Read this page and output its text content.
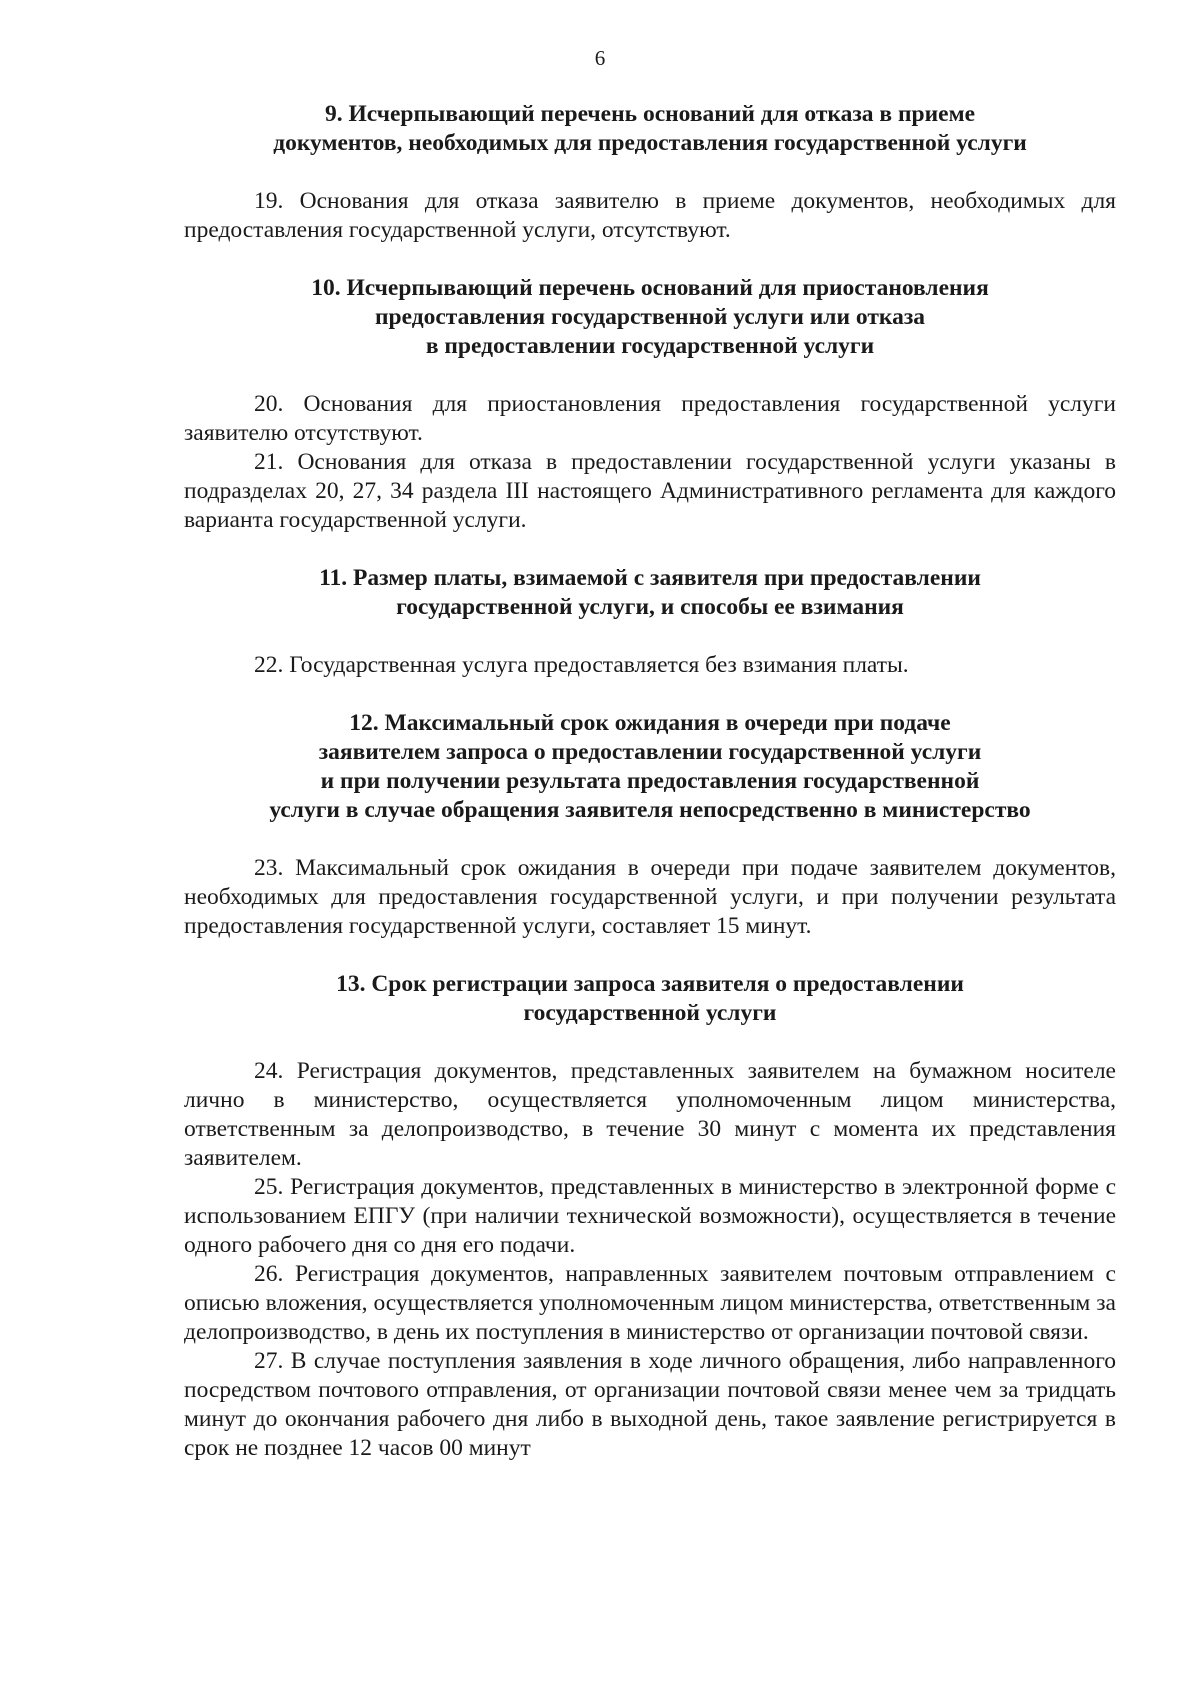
6
9. Исчерпывающий перечень оснований для отказа в приеме
документов, необходимых для предоставления государственной услуги

19. Основания для отказа заявителю в приеме документов, необходимых для предоставления государственной услуги, отсутствуют.

10. Исчерпывающий перечень оснований для приостановления
предоставления государственной услуги или отказа
в предоставлении государственной услуги

20. Основания для приостановления предоставления государственной услуги заявителю отсутствуют.

21. Основания для отказа в предоставлении государственной услуги указаны в подразделах 20, 27, 34 раздела III настоящего Административного регламента для каждого варианта государственной услуги.

11. Размер платы, взимаемой с заявителя при предоставлении
государственной услуги, и способы ее взимания

22. Государственная услуга предоставляется без взимания платы.

12. Максимальный срок ожидания в очереди при подаче
заявителем запроса о предоставлении государственной услуги
и при получении результата предоставления государственной
услуги в случае обращения заявителя непосредственно в министерство

23. Максимальный срок ожидания в очереди при подаче заявителем документов, необходимых для предоставления государственной услуги, и при получении результата предоставления государственной услуги, составляет 15 минут.

13. Срок регистрации запроса заявителя о предоставлении
государственной услуги

24. Регистрация документов, представленных заявителем на бумажном носителе лично в министерство, осуществляется уполномоченным лицом министерства, ответственным за делопроизводство, в течение 30 минут с момента их представления заявителем.

25. Регистрация документов, представленных в министерство в электронной форме с использованием ЕПГУ (при наличии технической возможности), осуществляется в течение одного рабочего дня со дня его подачи.

26. Регистрация документов, направленных заявителем почтовым отправлением с описью вложения, осуществляется уполномоченным лицом министерства, ответственным за делопроизводство, в день их поступления в министерство от организации почтовой связи.

27. В случае поступления заявления в ходе личного обращения, либо направленного посредством почтового отправления, от организации почтовой связи менее чем за тридцать минут до окончания рабочего дня либо в выходной день, такое заявление регистрируется в срок не позднее 12 часов 00 минут
